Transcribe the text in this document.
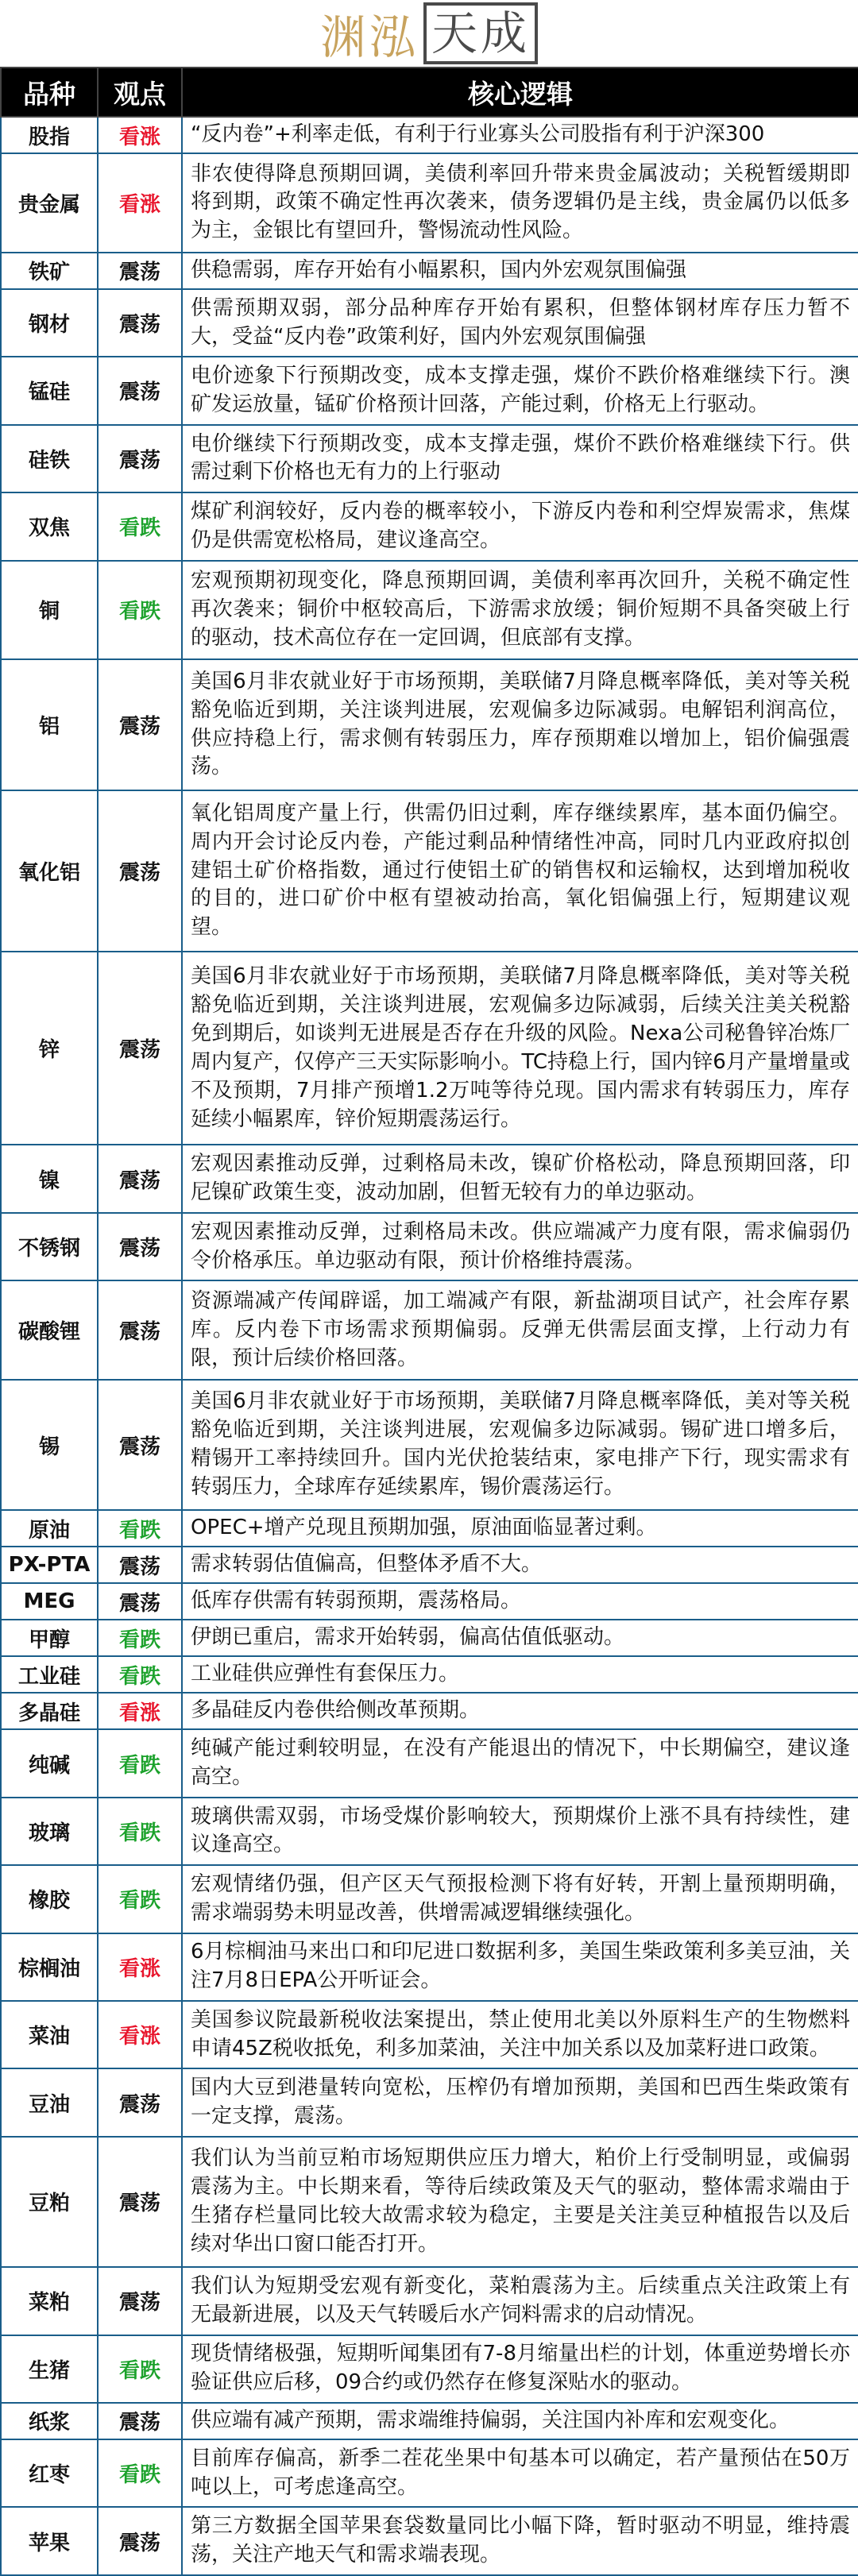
渊泓 天成
品种	观点	核心逻辑
股指	看涨	“反内卷”+利率走低，有利于行业寡头公司股指有利于沪深300
贵金属	看涨	非农使得降息预期回调，美债利率回升带来贵金属波动；关税暂缓期即将到期，政策不确定性再次袭来，债务逻辑仍是主线，贵金属仍以低多为主，金银比有望回升，警惕流动性风险。
铁矿	震荡	供稳需弱，库存开始有小幅累积，国内外宏观氛围偏强
钢材	震荡	供需预期双弱，部分品种库存开始有累积，但整体钢材库存压力暂不大，受益“反内卷”政策利好，国内外宏观氛围偏强
锰硅	震荡	电价迹象下行预期改变，成本支撑走强，煤价不跌价格难继续下行。澳矿发运放量，锰矿价格预计回落，产能过剩，价格无上行驱动。
硅铁	震荡	电价继续下行预期改变，成本支撑走强，煤价不跌价格难继续下行。供需过剩下价格也无有力的上行驱动
双焦	看跌	煤矿利润较好，反内卷的概率较小，下游反内卷和利空焊炭需求，焦煤仍是供需宽松格局，建议逢高空。
铜	看跌	宏观预期初现变化，降息预期回调，美债利率再次回升，关税不确定性再次袭来；铜价中枢较高后，下游需求放缓；铜价短期不具备突破上行的驱动，技术高位存在一定回调，但底部有支撑。
铝	震荡	美国6月非农就业好于市场预期，美联储7月降息概率降低，美对等关税豁免临近到期，关注谈判进展，宏观偏多边际减弱。电解铝利润高位，供应持稳上行，需求侧有转弱压力，库存预期难以增加上，铝价偏强震荡。
氧化铝	震荡	氧化铝周度产量上行，供需仍旧过剩，库存继续累库，基本面仍偏空。周内开会讨论反内卷，产能过剩品种情绪性冲高，同时几内亚政府拟创建铝土矿价格指数，通过行使铝土矿的销售权和运输权，达到增加税收的目的，进口矿价中枢有望被动抬高，氧化铝偏强上行，短期建议观望。
锌	震荡	美国6月非农就业好于市场预期，美联储7月降息概率降低，美对等关税豁免临近到期，关注谈判进展，宏观偏多边际减弱，后续关注美关税豁免到期后，如谈判无进展是否存在升级的风险。Nexa公司秘鲁锌冶炼厂周内复产，仅停产三天实际影响小。TC持稳上行，国内锌6月产量增量或不及预期，7月排产预增1.2万吨等待兑现。国内需求有转弱压力，库存延续小幅累库，锌价短期震荡运行。
镍	震荡	宏观因素推动反弹，过剩格局未改，镍矿价格松动，降息预期回落，印尼镍矿政策生变，波动加剧，但暂无较有力的单边驱动。
不锈钢	震荡	宏观因素推动反弹，过剩格局未改。供应端减产力度有限，需求偏弱仍令价格承压。单边驱动有限，预计价格维持震荡。
碳酸锂	震荡	资源端减产传闻辟谣，加工端减产有限，新盐湖项目试产，社会库存累库。反内卷下市场需求预期偏弱。反弹无供需层面支撑，上行动力有限，预计后续价格回落。
锡	震荡	美国6月非农就业好于市场预期，美联储7月降息概率降低，美对等关税豁免临近到期，关注谈判进展，宏观偏多边际减弱。锡矿进口增多后，精锡开工率持续回升。国内光伏抢装结束，家电排产下行，现实需求有转弱压力，全球库存延续累库，锡价震荡运行。
原油	看跌	OPEC+增产兑现且预期加强，原油面临显著过剩。
PX-PTA	震荡	需求转弱估值偏高，但整体矛盾不大。
MEG	震荡	低库存供需有转弱预期，震荡格局。
甲醇	看跌	伊朗已重启，需求开始转弱，偏高估值低驱动。
工业硅	看跌	工业硅供应弹性有套保压力。
多晶硅	看涨	多晶硅反内卷供给侧改革预期。
纯碱	看跌	纯碱产能过剩较明显，在没有产能退出的情况下，中长期偏空，建议逢高空。
玻璃	看跌	玻璃供需双弱，市场受煤价影响较大，预期煤价上涨不具有持续性，建议逢高空。
橡胶	看跌	宏观情绪仍强，但产区天气预报检测下将有好转，开割上量预期明确，需求端弱势未明显改善，供增需减逻辑继续强化。
棕榈油	看涨	6月棕榈油马来出口和印尼进口数据利多，美国生柴政策利多美豆油，关注7月8日EPA公开听证会。
菜油	看涨	美国参议院最新税收法案提出，禁止使用北美以外原料生产的生物燃料申请45Z税收抵免，利多加菜油，关注中加关系以及加菜籽进口政策。
豆油	震荡	国内大豆到港量转向宽松，压榨仍有增加预期，美国和巴西生柴政策有一定支撑，震荡。
豆粕	震荡	我们认为当前豆粕市场短期供应压力增大，粕价上行受制明显，或偏弱震荡为主。中长期来看，等待后续政策及天气的驱动，整体需求端由于生猪存栏量同比较大故需求较为稳定，主要是关注美豆种植报告以及后续对华出口窗口能否打开。
菜粕	震荡	我们认为短期受宏观有新变化，菜粕震荡为主。后续重点关注政策上有无最新进展，以及天气转暖后水产饲料需求的启动情况。
生猪	看跌	现货情绪极强，短期听闻集团有7-8月缩量出栏的计划，体重逆势增长亦验证供应后移，09合约或仍然存在修复深贴水的驱动。
纸浆	震荡	供应端有减产预期，需求端维持偏弱，关注国内补库和宏观变化。
红枣	看跌	目前库存偏高，新季二茬花坐果中旬基本可以确定，若产量预估在50万吨以上，可考虑逢高空。
苹果	震荡	第三方数据全国苹果套袋数量同比小幅下降，暂时驱动不明显，维持震荡，关注产地天气和需求端表现。
